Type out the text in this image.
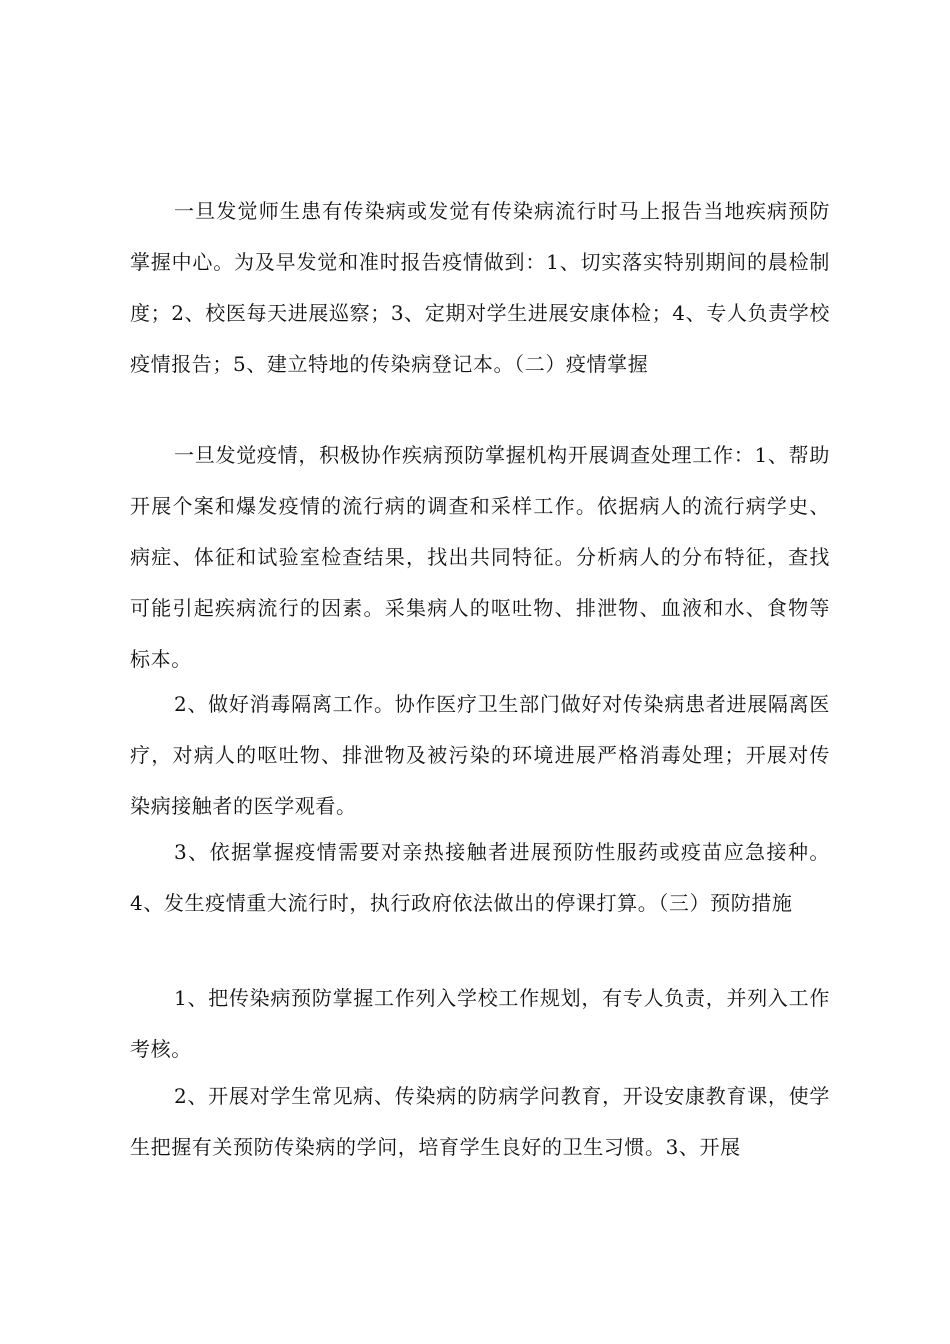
一旦发觉师生患有传染病或发觉有传染病流行时马上报告当地疾病预防掌握中心。为及早发觉和准时报告疫情做到：1、切实落实特别期间的晨检制度；2、校医每天进展巡察；3、定期对学生进展安康体检；4、专人负责学校疫情报告；5、建立特地的传染病登记本。（二）疫情掌握

一旦发觉疫情，积极协作疾病预防掌握机构开展调查处理工作：1、帮助开展个案和爆发疫情的流行病的调查和采样工作。依据病人的流行病学史、病症、体征和试验室检查结果，找出共同特征。分析病人的分布特征，查找可能引起疾病流行的因素。采集病人的呕吐物、排泄物、血液和水、食物等标本。

2、做好消毒隔离工作。协作医疗卫生部门做好对传染病患者进展隔离医疗，对病人的呕吐物、排泄物及被污染的环境进展严格消毒处理；开展对传染病接触者的医学观看。

3、依据掌握疫情需要对亲热接触者进展预防性服药或疫苗应急接种。4、发生疫情重大流行时，执行政府依法做出的停课打算。（三）预防措施

1、把传染病预防掌握工作列入学校工作规划，有专人负责，并列入工作考核。

2、开展对学生常见病、传染病的防病学问教育，开设安康教育课，使学生把握有关预防传染病的学问，培育学生良好的卫生习惯。3、开展
